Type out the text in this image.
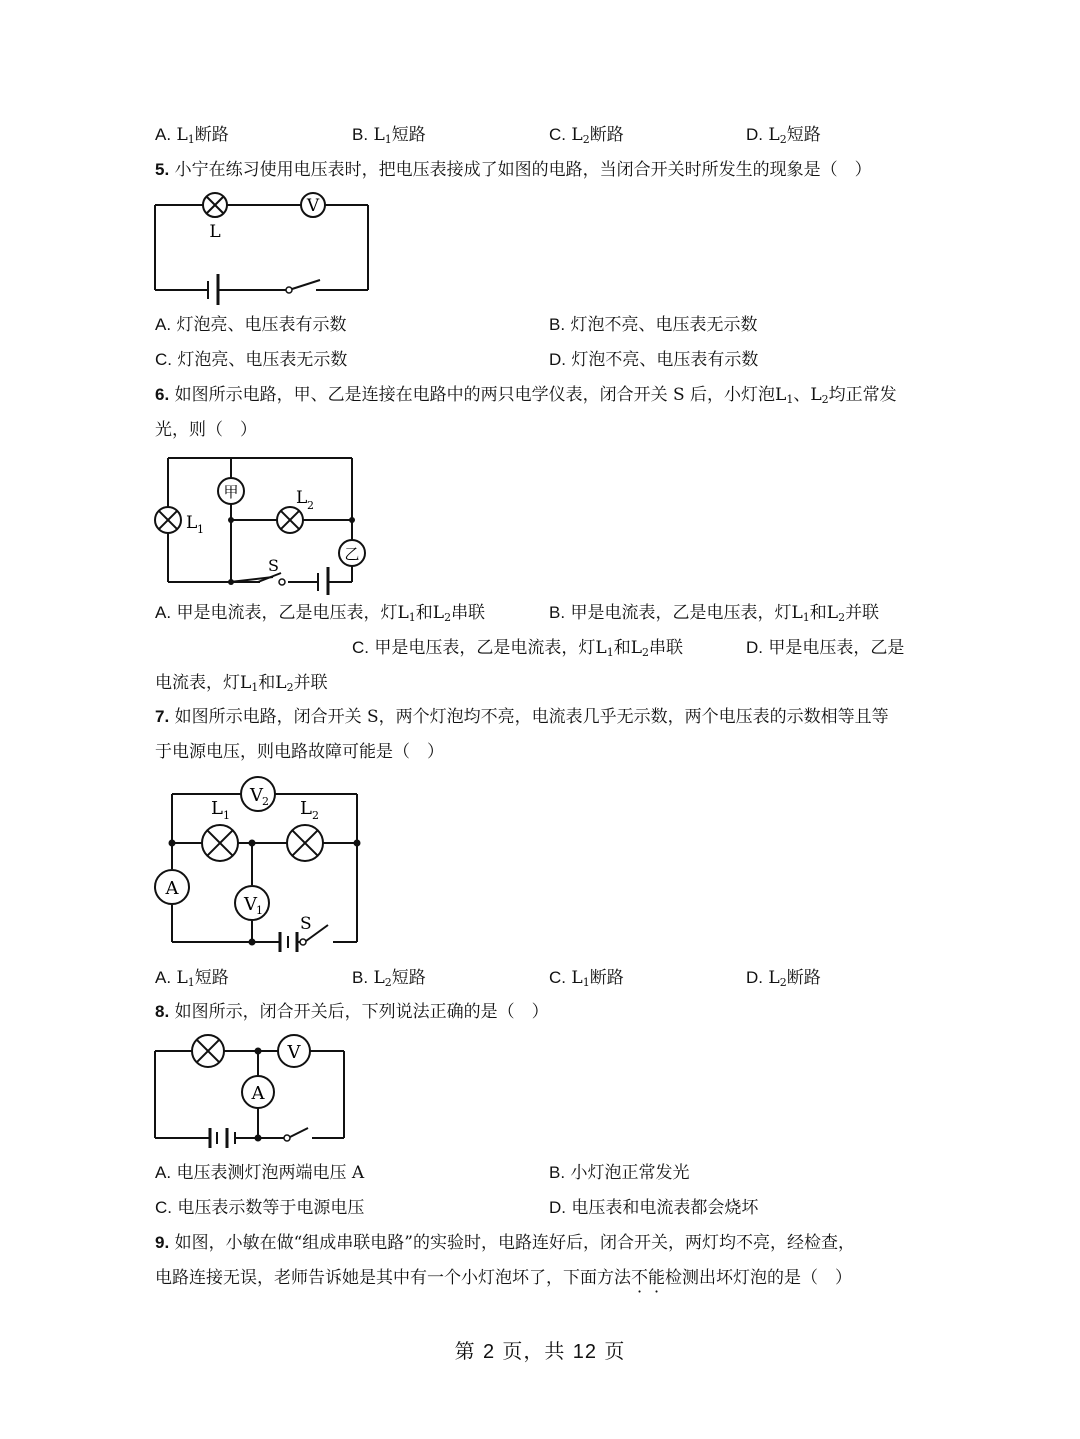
A. $L_1$断路	B. $L_1$短路	C. $L_2$断路	D. $L_2$短路
5. 小宁在练习使用电压表时，把电压表接成了如图的电路，当闭合开关时所发生的现象是（　）
V
L
A. 灯泡亮、电压表有示数	B. 灯泡不亮、电压表无示数
C. 灯泡亮、电压表无示数	D. 灯泡不亮、电压表有示数
6. 如图所示电路，甲、乙是连接在电路中的两只电学仪表，闭合开关 S 后，小灯泡$L_1$、$L_2$均正常发
光，则（　）
甲
乙
L 1
L 2
S
A. 甲是电流表，乙是电压表，灯$L_1$和$L_2$串联	B. 甲是电流表，乙是电压表，灯$L_1$和$L_2$并联
C. 甲是电压表，乙是电流表，灯$L_1$和$L_2$串联	D. 甲是电压表，乙是
电流表，灯$L_1$和$L_2$并联
7. 如图所示电路，闭合开关 S，两个灯泡均不亮，电流表几乎无示数，两个电压表的示数相等且等
于电源电压，则电路故障可能是（　）
V 2
V 1
A
L 1	L 2
S
A. $L_1$短路	B. $L_2$短路	C. $L_1$断路	D. $L_2$断路
8. 如图所示，闭合开关后，下列说法正确的是（　）
V
A
A. 电压表测灯泡两端电压 A	B. 小灯泡正常发光
C. 电压表示数等于电源电压	D. 电压表和电流表都会烧坏
9. 如图，小敏在做“组成串联电路”的实验时，电路连好后，闭合开关，两灯均不亮，经检查，
电路连接无误，老师告诉她是其中有一个小灯泡坏了，下面方法不能检测出坏灯泡的是（　）
第 2 页，共 12 页
